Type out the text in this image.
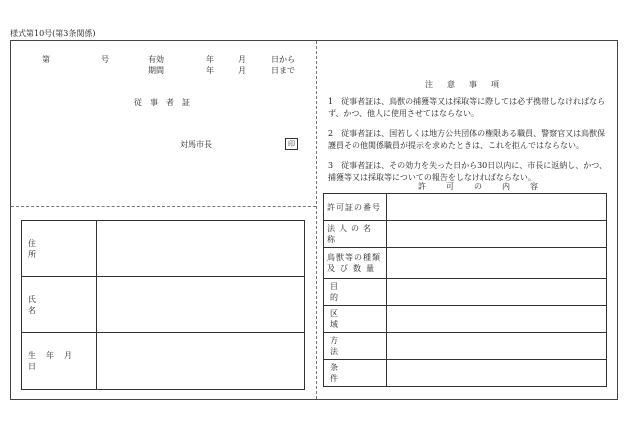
様式第10号(第3条関係)
第	号	有効
期間
年	月	日から
年	月	日まで
従事者証
対馬市長	印
住所	

氏名	

生年月日	

注意事項
1　従事者証は、鳥獣の捕獲等又は採取等に際しては必ず携帯しなければならず、かつ、他人に使用させてはならない。
2　従事者証は、国若しくは地方公共団体の権限ある職員、警察官又は鳥獣保護員その他関係職員が提示を求めたときは、これを拒んではならない。
3　従事者証は、その効力を失った日から30日以内に、市長に返納し、かつ、捕獲等又は採取等についての報告をしなければならない。
許可の内容
許可証の番号	

法人の名称	

鳥獣等の種類
及び数量	

目的	

区域	

方法	

条件	
